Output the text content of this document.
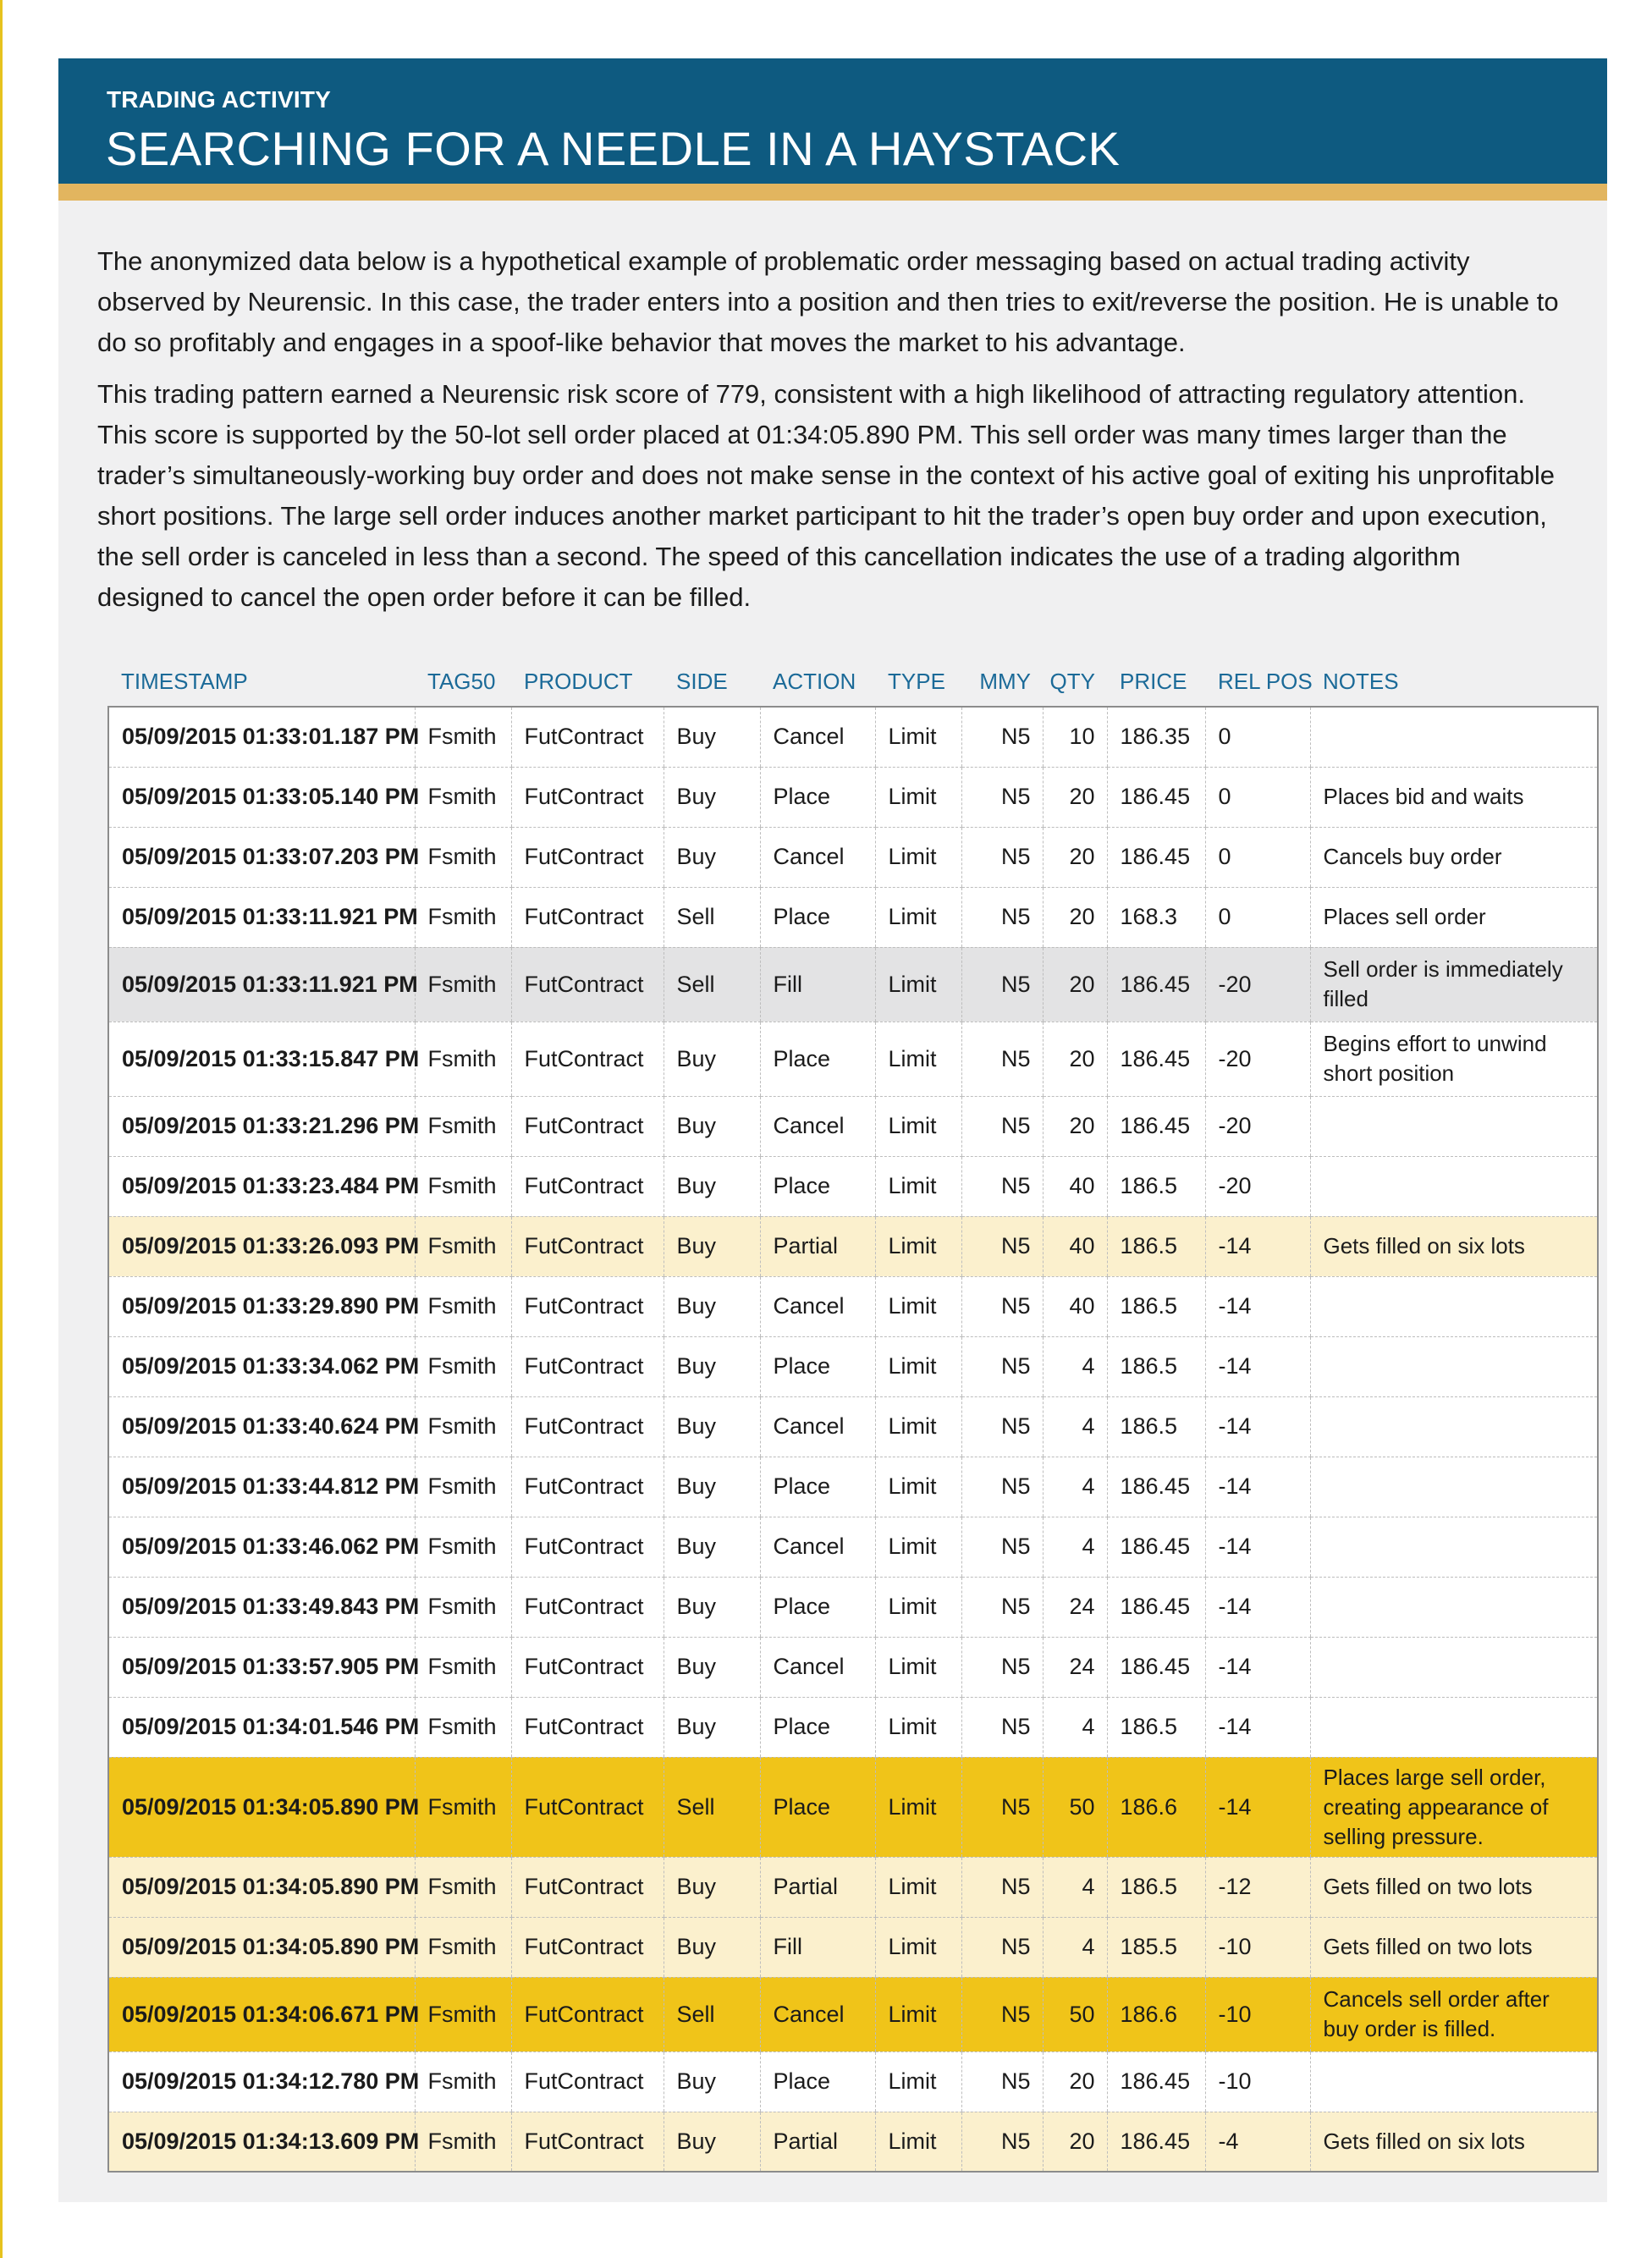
TRADING ACTIVITY
SEARCHING FOR A NEEDLE IN A HAYSTACK

The anonymized data below is a hypothetical example of problematic order messaging based on actual trading activity observed by Neurensic. In this case, the trader enters into a position and then tries to exit/reverse the position. He is unable to do so profitably and engages in a spoof-like behavior that moves the market to his advantage.

This trading pattern earned a Neurensic risk score of 779, consistent with a high likelihood of attracting regulatory attention. This score is supported by the 50-lot sell order placed at 01:34:05.890 PM. This sell order was many times larger than the trader’s simultaneously-working buy order and does not make sense in the context of his active goal of exiting his unprofitable short positions. The large sell order induces another market participant to hit the trader’s open buy order and upon execution, the sell order is canceled in less than a second. The speed of this cancellation indicates the use of a trading algorithm designed to cancel the open order before it can be filled.

TIMESTAMP	TAG50	PRODUCT	SIDE	ACTION	TYPE	MMY	QTY	PRICE	REL POS	NOTES
05/09/2015 01:33:01.187 PM	Fsmith	FutContract	Buy	Cancel	Limit	N5	10	186.35	0	
05/09/2015 01:33:05.140 PM	Fsmith	FutContract	Buy	Place	Limit	N5	20	186.45	0	Places bid and waits
05/09/2015 01:33:07.203 PM	Fsmith	FutContract	Buy	Cancel	Limit	N5	20	186.45	0	Cancels buy order
05/09/2015 01:33:11.921 PM	Fsmith	FutContract	Sell	Place	Limit	N5	20	168.3	0	Places sell order
05/09/2015 01:33:11.921 PM	Fsmith	FutContract	Sell	Fill	Limit	N5	20	186.45	-20	Sell order is immediately filled
05/09/2015 01:33:15.847 PM	Fsmith	FutContract	Buy	Place	Limit	N5	20	186.45	-20	Begins effort to unwind short position
05/09/2015 01:33:21.296 PM	Fsmith	FutContract	Buy	Cancel	Limit	N5	20	186.45	-20	
05/09/2015 01:33:23.484 PM	Fsmith	FutContract	Buy	Place	Limit	N5	40	186.5	-20	
05/09/2015 01:33:26.093 PM	Fsmith	FutContract	Buy	Partial	Limit	N5	40	186.5	-14	Gets filled on six lots
05/09/2015 01:33:29.890 PM	Fsmith	FutContract	Buy	Cancel	Limit	N5	40	186.5	-14	
05/09/2015 01:33:34.062 PM	Fsmith	FutContract	Buy	Place	Limit	N5	4	186.5	-14	
05/09/2015 01:33:40.624 PM	Fsmith	FutContract	Buy	Cancel	Limit	N5	4	186.5	-14	
05/09/2015 01:33:44.812 PM	Fsmith	FutContract	Buy	Place	Limit	N5	4	186.45	-14	
05/09/2015 01:33:46.062 PM	Fsmith	FutContract	Buy	Cancel	Limit	N5	4	186.45	-14	
05/09/2015 01:33:49.843 PM	Fsmith	FutContract	Buy	Place	Limit	N5	24	186.45	-14	
05/09/2015 01:33:57.905 PM	Fsmith	FutContract	Buy	Cancel	Limit	N5	24	186.45	-14	
05/09/2015 01:34:01.546 PM	Fsmith	FutContract	Buy	Place	Limit	N5	4	186.5	-14	
05/09/2015 01:34:05.890 PM	Fsmith	FutContract	Sell	Place	Limit	N5	50	186.6	-14	Places large sell order, creating appearance of selling pressure.
05/09/2015 01:34:05.890 PM	Fsmith	FutContract	Buy	Partial	Limit	N5	4	186.5	-12	Gets filled on two lots
05/09/2015 01:34:05.890 PM	Fsmith	FutContract	Buy	Fill	Limit	N5	4	185.5	-10	Gets filled on two lots
05/09/2015 01:34:06.671 PM	Fsmith	FutContract	Sell	Cancel	Limit	N5	50	186.6	-10	Cancels sell order after buy order is filled.
05/09/2015 01:34:12.780 PM	Fsmith	FutContract	Buy	Place	Limit	N5	20	186.45	-10	
05/09/2015 01:34:13.609 PM	Fsmith	FutContract	Buy	Partial	Limit	N5	20	186.45	-4	Gets filled on six lots
